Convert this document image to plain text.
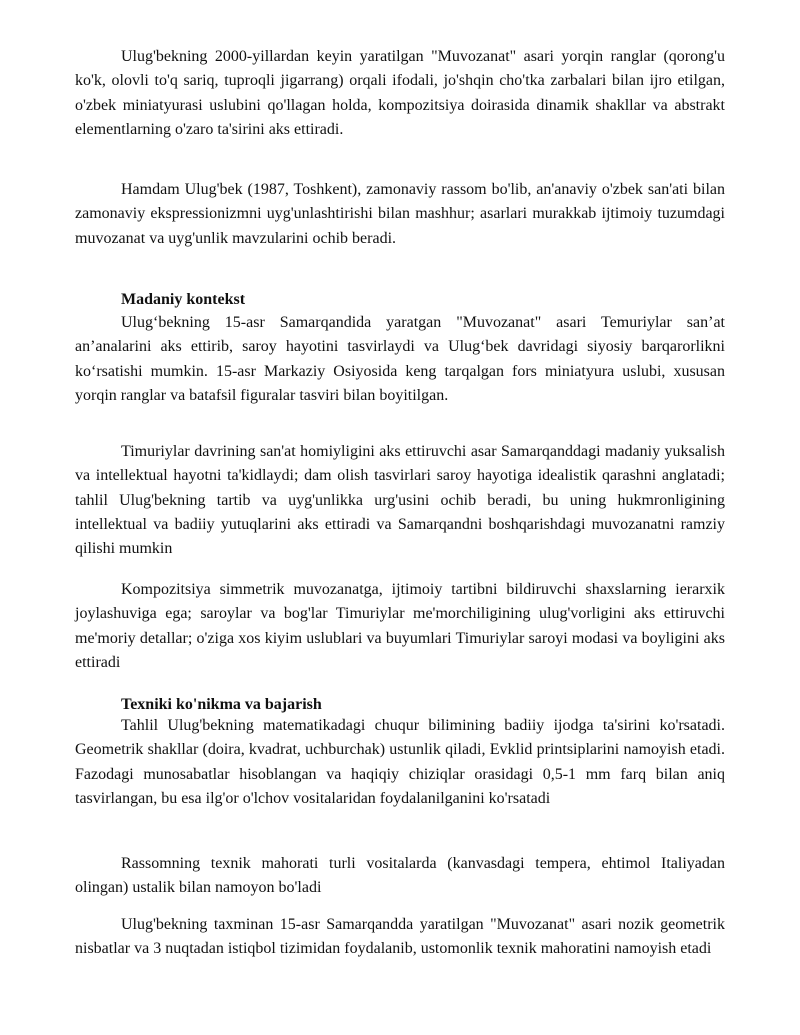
Ulug'bekning 2000-yillardan keyin yaratilgan "Muvozanat" asari yorqin ranglar (qorong'u ko'k, olovli to'q sariq, tuproqli jigarrang) orqali ifodali, jo'shqin cho'tka zarbalari bilan ijro etilgan, o'zbek miniatyurasi uslubini qo'llagan holda, kompozitsiya doirasida dinamik shakllar va abstrakt elementlarning o'zaro ta'sirini aks ettiradi.

Hamdam Ulug'bek (1987, Toshkent), zamonaviy rassom bo'lib, an'anaviy o'zbek san'ati bilan zamonaviy ekspressionizmni uyg'unlashtirishi bilan mashhur; asarlari murakkab ijtimoiy tuzumdagi muvozanat va uyg'unlik mavzularini ochib beradi.

Madaniy kontekst

Ulug‘bekning 15-asr Samarqandida yaratgan "Muvozanat" asari Temuriylar san’at an’analarini aks ettirib, saroy hayotini tasvirlaydi va Ulug‘bek davridagi siyosiy barqarorlikni ko‘rsatishi mumkin. 15-asr Markaziy Osiyosida keng tarqalgan fors miniatyura uslubi, xususan yorqin ranglar va batafsil figuralar tasviri bilan boyitilgan.

Timuriylar davrining san'at homiyligini aks ettiruvchi asar Samarqanddagi madaniy yuksalish va intellektual hayotni ta'kidlaydi; dam olish tasvirlari saroy hayotiga idealistik qarashni anglatadi; tahlil Ulug'bekning tartib va uyg'unlikka urg'usini ochib beradi, bu uning hukmronligining intellektual va badiiy yutuqlarini aks ettiradi va Samarqandni boshqarishdagi muvozanatni ramziy qilishi mumkin

Kompozitsiya simmetrik muvozanatga, ijtimoiy tartibni bildiruvchi shaxslarning ierarxik joylashuviga ega; saroylar va bog'lar Timuriylar me'morchiligining ulug'vorligini aks ettiruvchi me'moriy detallar; o'ziga xos kiyim uslublari va buyumlari Timuriylar saroyi modasi va boyligini aks ettiradi

Texniki ko'nikma va bajarish

Tahlil Ulug'bekning matematikadagi chuqur bilimining badiiy ijodga ta'sirini ko'rsatadi. Geometrik shakllar (doira, kvadrat, uchburchak) ustunlik qiladi, Evklid printsiplarini namoyish etadi. Fazodagi munosabatlar hisoblangan va haqiqiy chiziqlar orasidagi 0,5-1 mm farq bilan aniq tasvirlangan, bu esa ilg'or o'lchov vositalaridan foydalanilganini ko'rsatadi

Rassomning texnik mahorati turli vositalarda (kanvasdagi tempera, ehtimol Italiyadan olingan) ustalik bilan namoyon bo'ladi

Ulug'bekning taxminan 15-asr Samarqandda yaratilgan "Muvozanat" asari nozik geometrik nisbatlar va 3 nuqtadan istiqbol tizimidan foydalanib, ustomonlik texnik mahoratini namoyish etadi
